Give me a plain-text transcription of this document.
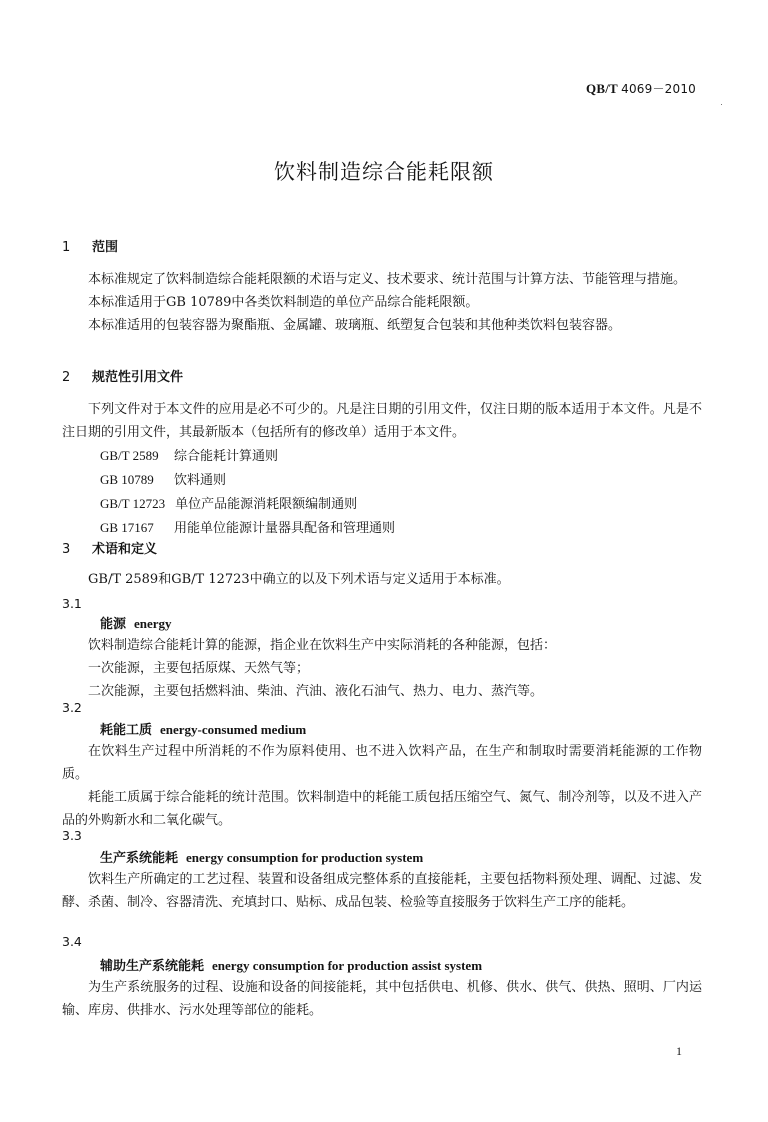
QB/T 4069－2010
饮料制造综合能耗限额
1 范围

本标准规定了饮料制造综合能耗限额的术语与定义、技术要求、统计范围与计算方法、节能管理与措施。

本标准适用于GB 10789中各类饮料制造的单位产品综合能耗限额。

本标准适用的包装容器为聚酯瓶、金属罐、玻璃瓶、纸塑复合包装和其他种类饮料包装容器。

2 规范性引用文件

下列文件对于本文件的应用是必不可少的。凡是注日期的引用文件，仅注日期的版本适用于本文件。凡是不注日期的引用文件，其最新版本（包括所有的修改单）适用于本文件。

GB/T 2589 综合能耗计算通则
GB 10789 饮料通则
GB/T 12723 单位产品能源消耗限额编制通则
GB 17167 用能单位能源计量器具配备和管理通则
3 术语和定义

GB/T 2589和GB/T 12723中确立的以及下列术语与定义适用于本标准。

3.1
能源 energy

饮料制造综合能耗计算的能源，指企业在饮料生产中实际消耗的各种能源，包括：

一次能源，主要包括原煤、天然气等；

二次能源，主要包括燃料油、柴油、汽油、液化石油气、热力、电力、蒸汽等。

3.2
耗能工质 energy-consumed medium

在饮料生产过程中所消耗的不作为原料使用、也不进入饮料产品，在生产和制取时需要消耗能源的工作物质。

耗能工质属于综合能耗的统计范围。饮料制造中的耗能工质包括压缩空气、氮气、制冷剂等，以及不进入产品的外购新水和二氧化碳气。

3.3
生产系统能耗 energy consumption for production system

饮料生产所确定的工艺过程、装置和设备组成完整体系的直接能耗，主要包括物料预处理、调配、过滤、发酵、杀菌、制冷、容器清洗、充填封口、贴标、成品包装、检验等直接服务于饮料生产工序的能耗。

3.4
辅助生产系统能耗 energy consumption for production assist system

为生产系统服务的过程、设施和设备的间接能耗，其中包括供电、机修、供水、供气、供热、照明、厂内运输、库房、供排水、污水处理等部位的能耗。

1
